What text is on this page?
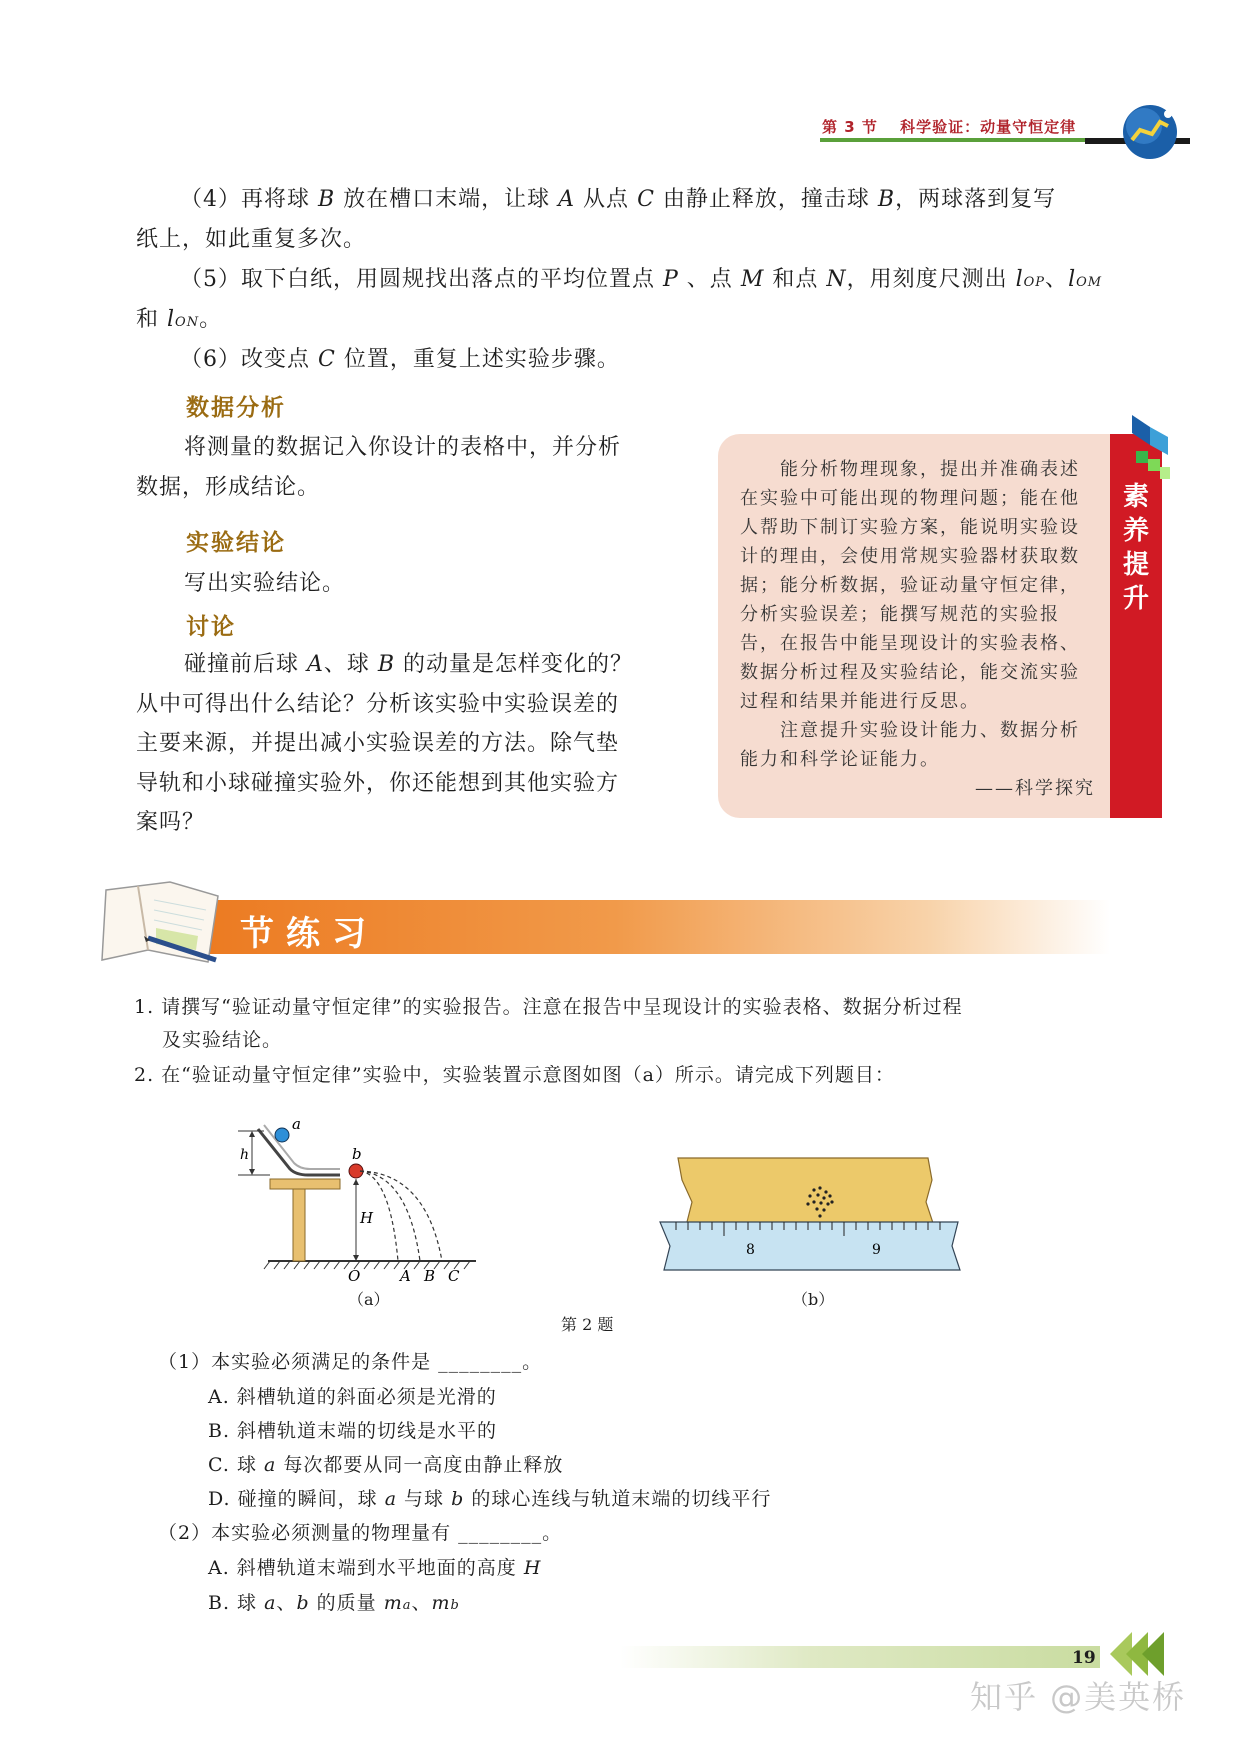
第 3 节　 科学验证：动量守恒定律
（4）再将球 B 放在槽口末端，让球 A 从点 C 由静止释放，撞击球 B，两球落到复写
纸上，如此重复多次。
（5）取下白纸，用圆规找出落点的平均位置点 P 、点 M 和点 N，用刻度尺测出 lOP、lOM
和 lON。
（6）改变点 C 位置，重复上述实验步骤。
数据分析
将测量的数据记入你设计的表格中，并分析
数据，形成结论。
实验结论
写出实验结论。
讨论
碰撞前后球 A、球 B 的动量是怎样变化的？
从中可得出什么结论？分析该实验中实验误差的
主要来源，并提出减小实验误差的方法。除气垫
导轨和小球碰撞实验外，你还能想到其他实验方
案吗？
　　能分析物理现象，提出并准确表述
在实验中可能出现的物理问题；能在他
人帮助下制订实验方案，能说明实验设
计的理由，会使用常规实验器材获取数
据；能分析数据，验证动量守恒定律，
分析实验误差；能撰写规范的实验报
告，在报告中能呈现设计的实验表格、
数据分析过程及实验结论，能交流实验
过程和结果并能进行反思。
　　注意提升实验设计能力、数据分析
能力和科学论证能力。
——科学探究
素
养
提
升
节练习
1. 请撰写“验证动量守恒定律”的实验报告。注意在报告中呈现设计的实验表格、数据分析过程
及实验结论。
2. 在“验证动量守恒定律”实验中，实验装置示意图如图（a）所示。请完成下列题目：
a
b
h
H
O	A B C
（a）
8	9
（b）
第 2 题
（1）本实验必须满足的条件是 ________。
A. 斜槽轨道的斜面必须是光滑的
B. 斜槽轨道末端的切线是水平的
C. 球 a 每次都要从同一高度由静止释放
D. 碰撞的瞬间，球 a 与球 b 的球心连线与轨道末端的切线平行
（2）本实验必须测量的物理量有 ________。
A. 斜槽轨道末端到水平地面的高度 H
B. 球 a、b 的质量 ma、mb
19
知乎 @美英桥
